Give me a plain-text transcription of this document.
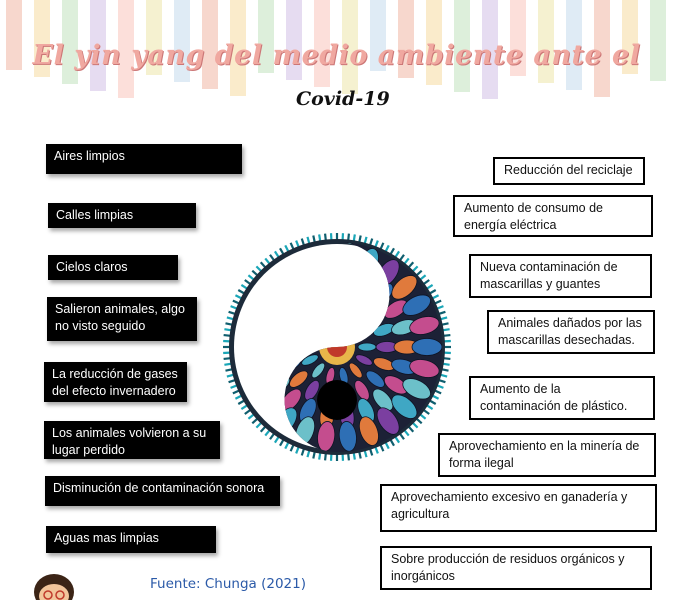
El yin yang del medio ambiente ante el
Covid-19
Aires limpios
Calles limpias
Cielos claros
Salieron animales, algo no visto seguido
La reducción de gases del efecto invernadero
Los animales volvieron a su lugar perdido
Disminución de contaminación sonora
Aguas mas limpias
Reducción del reciclaje
Aumento de consumo de energía eléctrica
Nueva contaminación de mascarillas y guantes
Animales dañados por las mascarillas desechadas.
Aumento de la contaminación de plástico.
Aprovechamiento en la minería de forma ilegal
Aprovechamiento excesivo en ganadería y agricultura
Sobre producción de residuos orgánicos y inorgánicos
Fuente: Chunga (2021)
